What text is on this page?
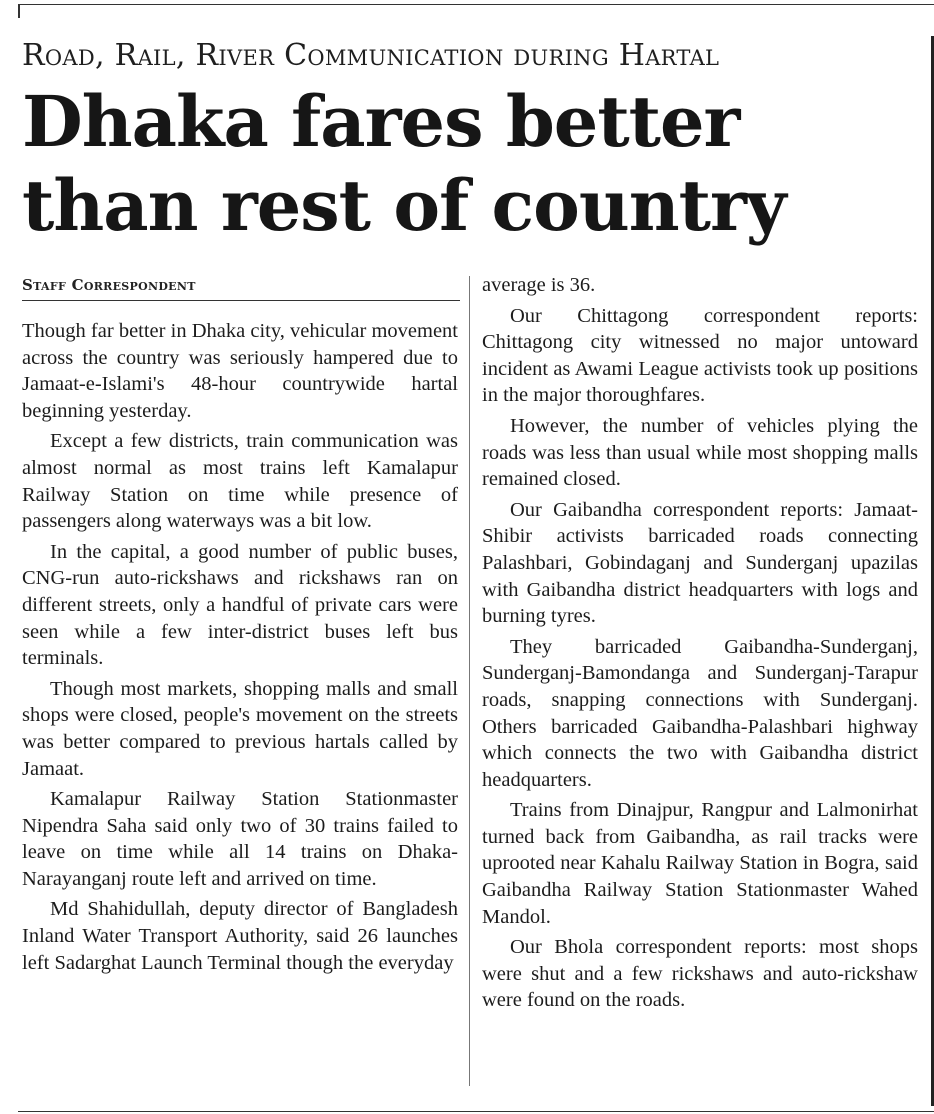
Road, Rail, River Communication during Hartal
Dhaka fares better than rest of country
Staff Correspondent

Though far better in Dhaka city, vehicular movement across the country was seriously hampered due to Jamaat-e-Islami's 48-hour countrywide hartal beginning yesterday.

Except a few districts, train communication was almost normal as most trains left Kamalapur Railway Station on time while presence of passengers along waterways was a bit low.

In the capital, a good number of public buses, CNG-run auto-rickshaws and rickshaws ran on different streets, only a handful of private cars were seen while a few inter-district buses left bus terminals.

Though most markets, shopping malls and small shops were closed, people's movement on the streets was better compared to previous hartals called by Jamaat.

Kamalapur Railway Station Stationmaster Nipendra Saha said only two of 30 trains failed to leave on time while all 14 trains on Dhaka-Narayanganj route left and arrived on time.

Md Shahidullah, deputy director of Bangladesh Inland Water Transport Authority, said 26 launches left Sadarghat Launch Terminal though the everyday

average is 36.

Our Chittagong correspondent reports: Chittagong city witnessed no major untoward incident as Awami League activists took up positions in the major thoroughfares.

However, the number of vehicles plying the roads was less than usual while most shopping malls remained closed.

Our Gaibandha correspondent reports: Jamaat-Shibir activists barricaded roads connecting Palashbari, Gobindaganj and Sunderganj upazilas with Gaibandha district headquarters with logs and burning tyres.

They barricaded Gaibandha-Sunderganj, Sunderganj-Bamondanga and Sunderganj-Tarapur roads, snapping connections with Sunderganj. Others barricaded Gaibandha-Palashbari highway which connects the two with Gaibandha district headquarters.

Trains from Dinajpur, Rangpur and Lalmonirhat turned back from Gaibandha, as rail tracks were uprooted near Kahalu Railway Station in Bogra, said Gaibandha Railway Station Stationmaster Wahed Mandol.

Our Bhola correspondent reports: most shops were shut and a few rickshaws and auto-rickshaw were found on the roads.
